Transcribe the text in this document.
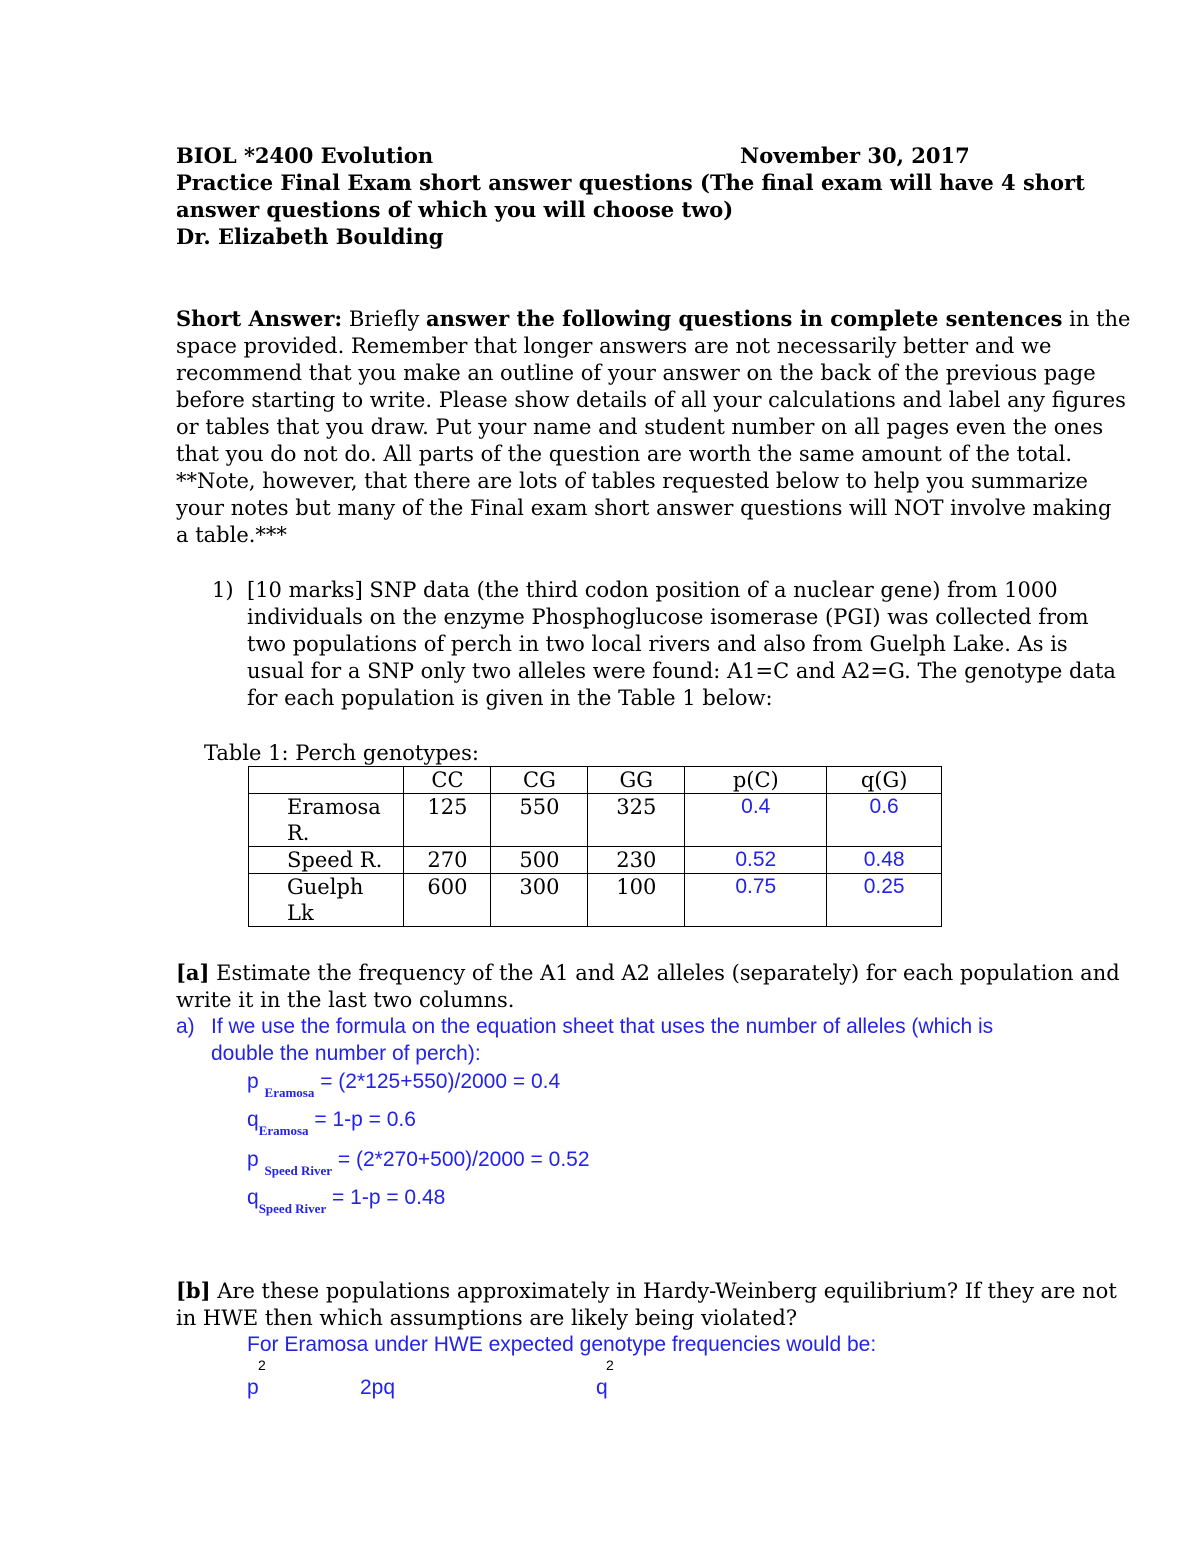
BIOL *2400 Evolution	November 30, 2017
Practice Final Exam short answer questions (The final exam will have 4 short
answer questions of which you will choose two)
Dr. Elizabeth Boulding
Short Answer: Briefly answer the following questions in complete sentences in the
space provided. Remember that longer answers are not necessarily better and we
recommend that you make an outline of your answer on the back of the previous page
before starting to write. Please show details of all your calculations and label any figures
or tables that you draw. Put your name and student number on all pages even the ones
that you do not do. All parts of the question are worth the same amount of the total.
**Note, however, that there are lots of tables requested below to help you summarize
your notes but many of the Final exam short answer questions will NOT involve making
a table.***
1) [10 marks] SNP data (the third codon position of a nuclear gene) from 1000
individuals on the enzyme Phosphoglucose isomerase (PGI) was collected from
two populations of perch in two local rivers and also from Guelph Lake. As is
usual for a SNP only two alleles were found: A1=C and A2=G. The genotype data
for each population is given in the Table 1 below:
Table 1: Perch genotypes:
	CC	CG	GG	p(C)	q(G)
Eramosa R.	125	550	325	0.4	0.6
Speed R.	270	500	230	0.52	0.48
Guelph Lk	600	300	100	0.75	0.25
[a] Estimate the frequency of the A1 and A2 alleles (separately) for each population and
write it in the last two columns.
a) If we use the formula on the equation sheet that uses the number of alleles (which is
double the number of perch):
p $_{Eramosa}$ = (2*125+550)/2000 = 0.4
$q_{Eramosa} = 1-p = 0.6$
p $_{Speed River}$ = (2*270+500)/2000 = 0.52
$q_{Speed River} = 1-p = 0.48$
[b] Are these populations approximately in Hardy-Weinberg equilibrium? If they are not
in HWE then which assumptions are likely being violated?
For Eramosa under HWE expected genotype frequencies would be:
2	2
p	2pq	q
